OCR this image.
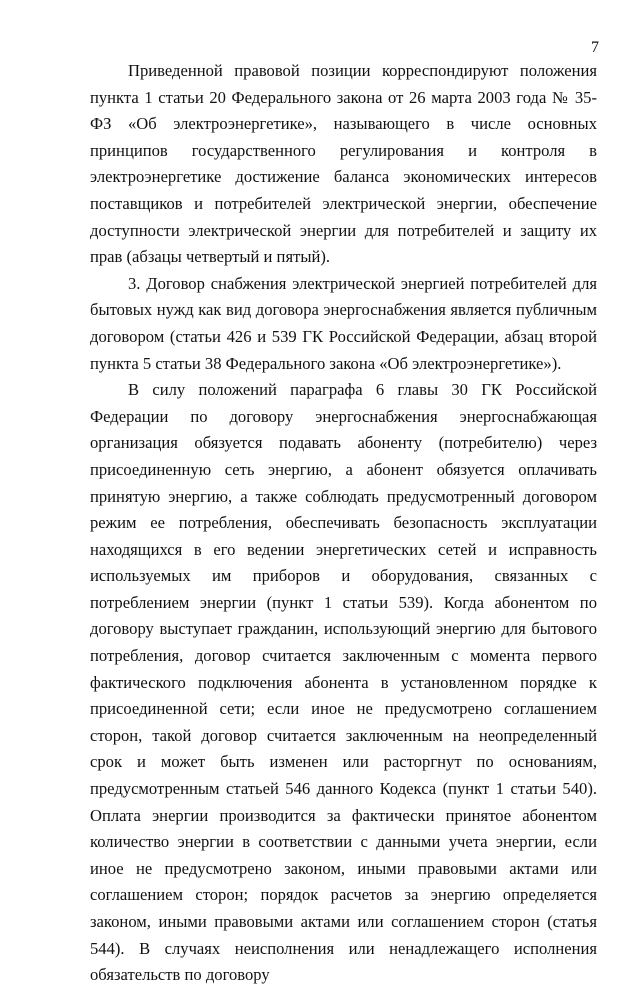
7

Приведенной правовой позиции корреспондируют положения пункта 1 статьи 20 Федерального закона от 26 марта 2003 года № 35-ФЗ «Об электроэнергетике», называющего в числе основных принципов государственного регулирования и контроля в электроэнергетике достижение баланса экономических интересов поставщиков и потребителей электрической энергии, обеспечение доступности электрической энергии для потребителей и защиту их прав (абзацы четвертый и пятый).

3. Договор снабжения электрической энергией потребителей для бытовых нужд как вид договора энергоснабжения является публичным договором (статьи 426 и 539 ГК Российской Федерации, абзац второй пункта 5 статьи 38 Федерального закона «Об электроэнергетике»).

В силу положений параграфа 6 главы 30 ГК Российской Федерации по договору энергоснабжения энергоснабжающая организация обязуется подавать абоненту (потребителю) через присоединенную сеть энергию, а абонент обязуется оплачивать принятую энергию, а также соблюдать предусмотренный договором режим ее потребления, обеспечивать безопасность эксплуатации находящихся в его ведении энергетических сетей и исправность используемых им приборов и оборудования, связанных с потреблением энергии (пункт 1 статьи 539). Когда абонентом по договору выступает гражданин, использующий энергию для бытового потребления, договор считается заключенным с момента первого фактического подключения абонента в установленном порядке к присоединенной сети; если иное не предусмотрено соглашением сторон, такой договор считается заключенным на неопределенный срок и может быть изменен или расторгнут по основаниям, предусмотренным статьей 546 данного Кодекса (пункт 1 статьи 540). Оплата энергии производится за фактически принятое абонентом количество энергии в соответствии с данными учета энергии, если иное не предусмотрено законом, иными правовыми актами или соглашением сторон; порядок расчетов за энергию определяется законом, иными правовыми актами или соглашением сторон (статья 544). В случаях неисполнения или ненадлежащего исполнения обязательств по договору
